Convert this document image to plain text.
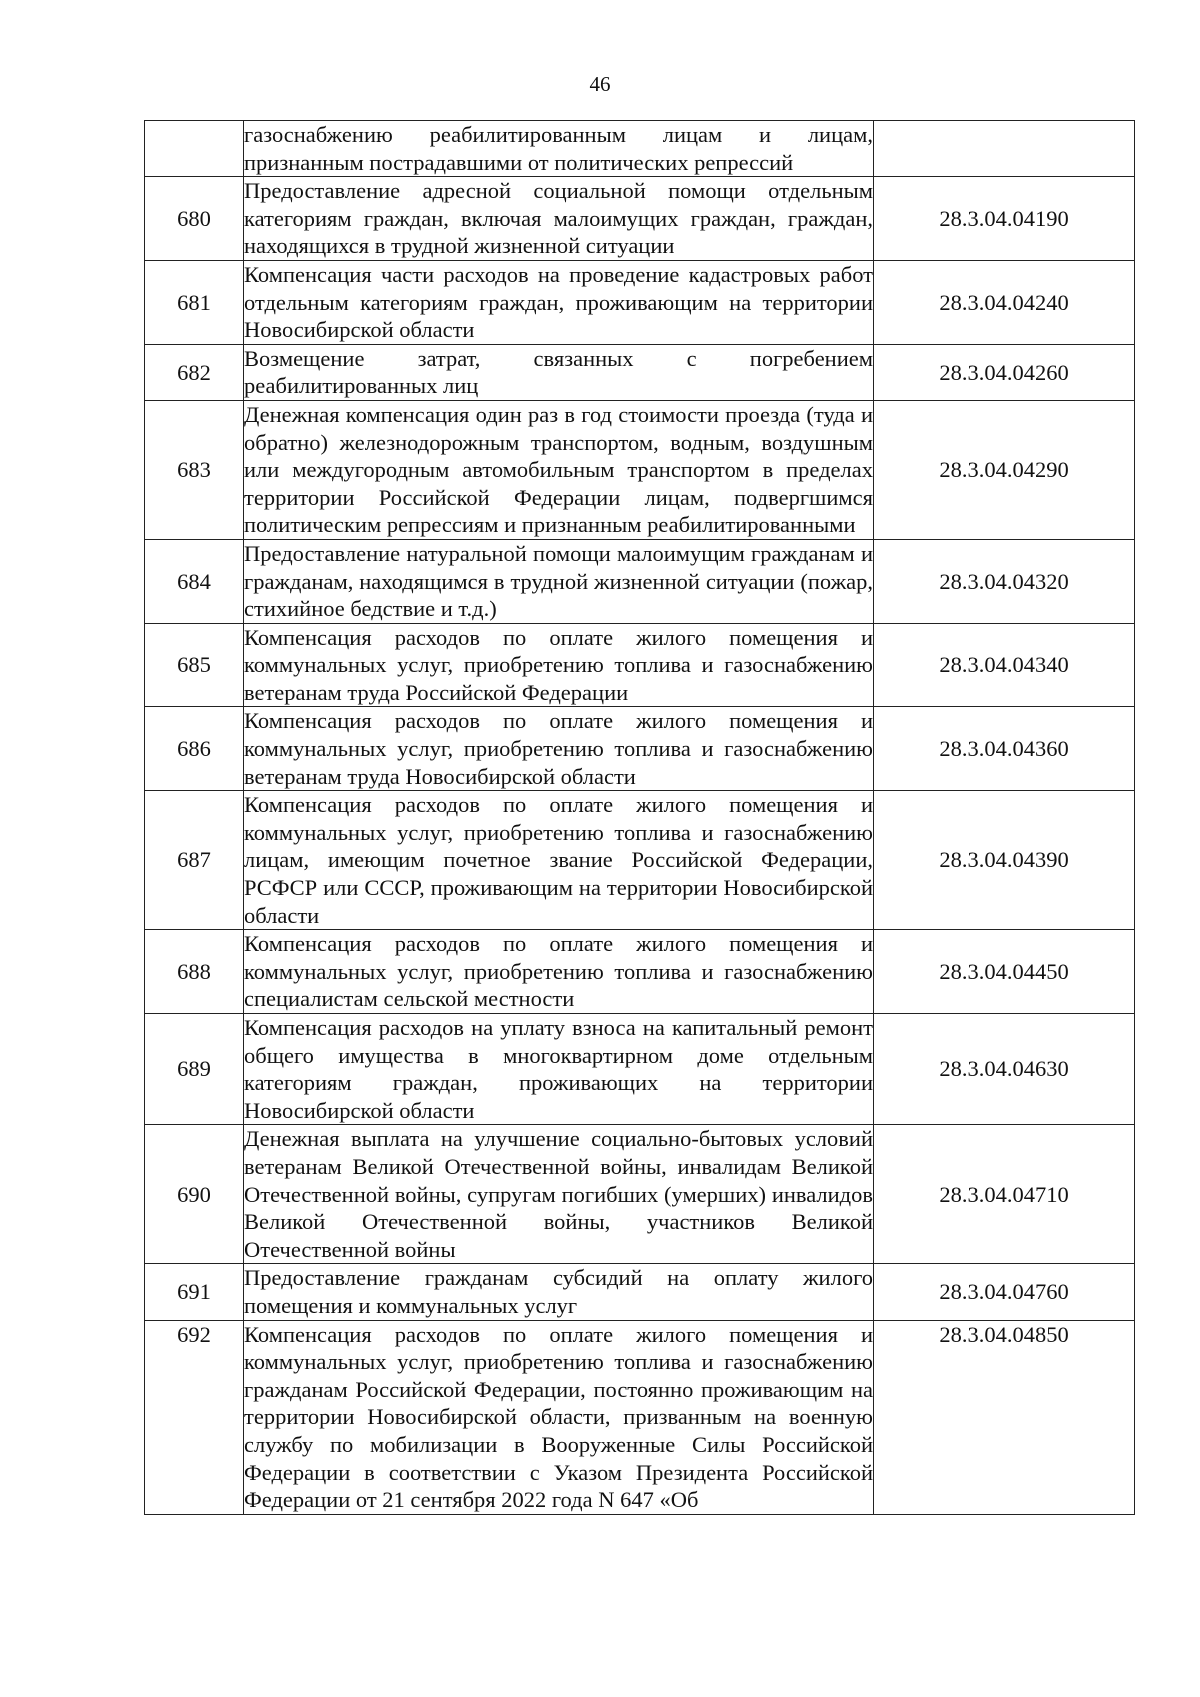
46
	газоснабжению реабилитированным лицам и лицам, признанным пострадавшими от политических репрессий	
680	Предоставление адресной социальной помощи отдельным категориям граждан, включая малоимущих граждан, граждан, находящихся в трудной жизненной ситуации	28.3.04.04190
681	Компенсация части расходов на проведение кадастровых работ отдельным категориям граждан, проживающим на территории Новосибирской области	28.3.04.04240
682	Возмещение затрат, связанных с погребением реабилитированных лиц	28.3.04.04260
683	Денежная компенсация один раз в год стоимости проезда (туда и обратно) железнодорожным транспортом, водным, воздушным или междугородным автомобильным транспортом в пределах территории Российской Федерации лицам, подвергшимся политическим репрессиям и признанным реабилитированными	28.3.04.04290
684	Предоставление натуральной помощи малоимущим гражданам и гражданам, находящимся в трудной жизненной ситуации (пожар, стихийное бедствие и т.д.)	28.3.04.04320
685	Компенсация расходов по оплате жилого помещения и коммунальных услуг, приобретению топлива и газоснабжению ветеранам труда Российской Федерации	28.3.04.04340
686	Компенсация расходов по оплате жилого помещения и коммунальных услуг, приобретению топлива и газоснабжению ветеранам труда Новосибирской области	28.3.04.04360
687	Компенсация расходов по оплате жилого помещения и коммунальных услуг, приобретению топлива и газоснабжению лицам, имеющим почетное звание Российской Федерации, РСФСР или СССР, проживающим на территории Новосибирской области	28.3.04.04390
688	Компенсация расходов по оплате жилого помещения и коммунальных услуг, приобретению топлива и газоснабжению специалистам сельской местности	28.3.04.04450
689	Компенсация расходов на уплату взноса на капитальный ремонт общего имущества в многоквартирном доме отдельным категориям граждан, проживающих на территории Новосибирской области	28.3.04.04630
690	Денежная выплата на улучшение социально-бытовых условий ветеранам Великой Отечественной войны, инвалидам Великой Отечественной войны, супругам погибших (умерших) инвалидов Великой Отечественной войны, участников Великой Отечественной войны	28.3.04.04710
691	Предоставление гражданам субсидий на оплату жилого помещения и коммунальных услуг	28.3.04.04760
692	Компенсация расходов по оплате жилого помещения и коммунальных услуг, приобретению топлива и газоснабжению гражданам Российской Федерации, постоянно проживающим на территории Новосибирской области, призванным на военную службу по мобилизации в Вооруженные Силы Российской Федерации в соответствии с Указом Президента Российской Федерации от 21 сентября 2022 года N 647 «Об	28.3.04.04850
